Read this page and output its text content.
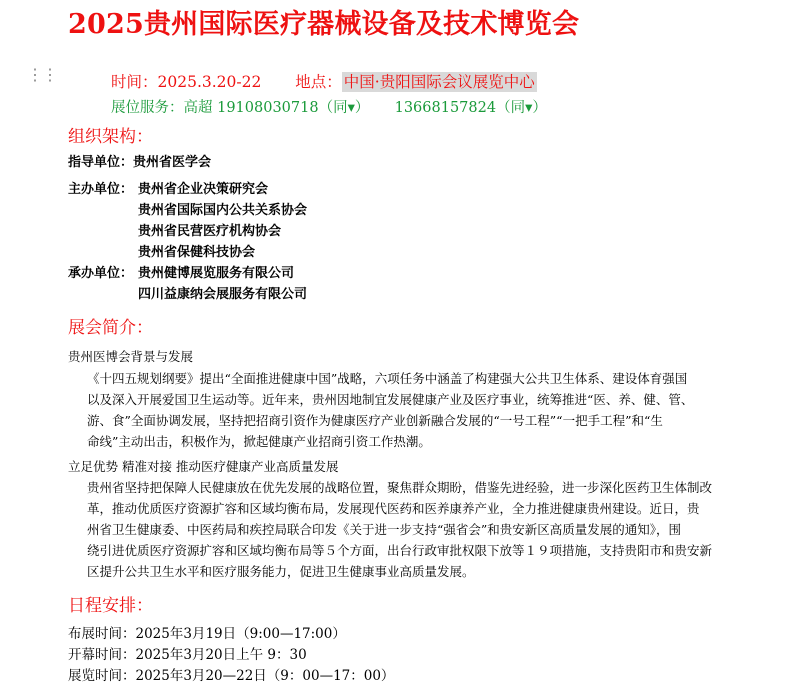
2025贵州国际医疗器械设备及技术博览会
⋮⋮	时间：2025.3.20-22 地点： 中国·贵阳国际会议展览中心
展位服务：高超 19108030718（同▾） 13668157824（同▾）
组织架构：
指导单位：贵州省医学会
主办单位： 贵州省企业决策研究会
贵州省国际国内公共关系协会
贵州省民营医疗机构协会
贵州省保健科技协会
承办单位： 贵州健博展览服务有限公司
四川益康纳会展服务有限公司
展会简介：
贵州医博会背景与发展
《十四五规划纲要》提出“全面推进健康中国”战略，六项任务中涵盖了构建强大公共卫生体系、建设体育强国
以及深入开展爱国卫生运动等。近年来，贵州因地制宜发展健康产业及医疗事业，统筹推进“医、养、健、管、
游、食”全面协调发展，坚持把招商引资作为健康医疗产业创新融合发展的“一号工程”“一把手工程”和“生
命线”主动出击，积极作为，掀起健康产业招商引资工作热潮。
立足优势 精准对接 推动医疗健康产业高质量发展
贵州省坚持把保障人民健康放在优先发展的战略位置，聚焦群众期盼，借鉴先进经验，进一步深化医药卫生体制改
革，推动优质医疗资源扩容和区域均衡布局，发展现代医药和医养康养产业，全力推进健康贵州建设。近日，贵
州省卫生健康委、中医药局和疾控局联合印发《关于进一步支持“强省会”和贵安新区高质量发展的通知》，围
绕引进优质医疗资源扩容和区域均衡布局等５个方面，出台行政审批权限下放等１９项措施，支持贵阳市和贵安新
区提升公共卫生水平和医疗服务能力，促进卫生健康事业高质量发展。
日程安排：
布展时间：2025年3月19日（9:00—17:00）
开幕时间：2025年3月20日上午 9：30
展览时间：2025年3月20—22日（9：00—17：00）
